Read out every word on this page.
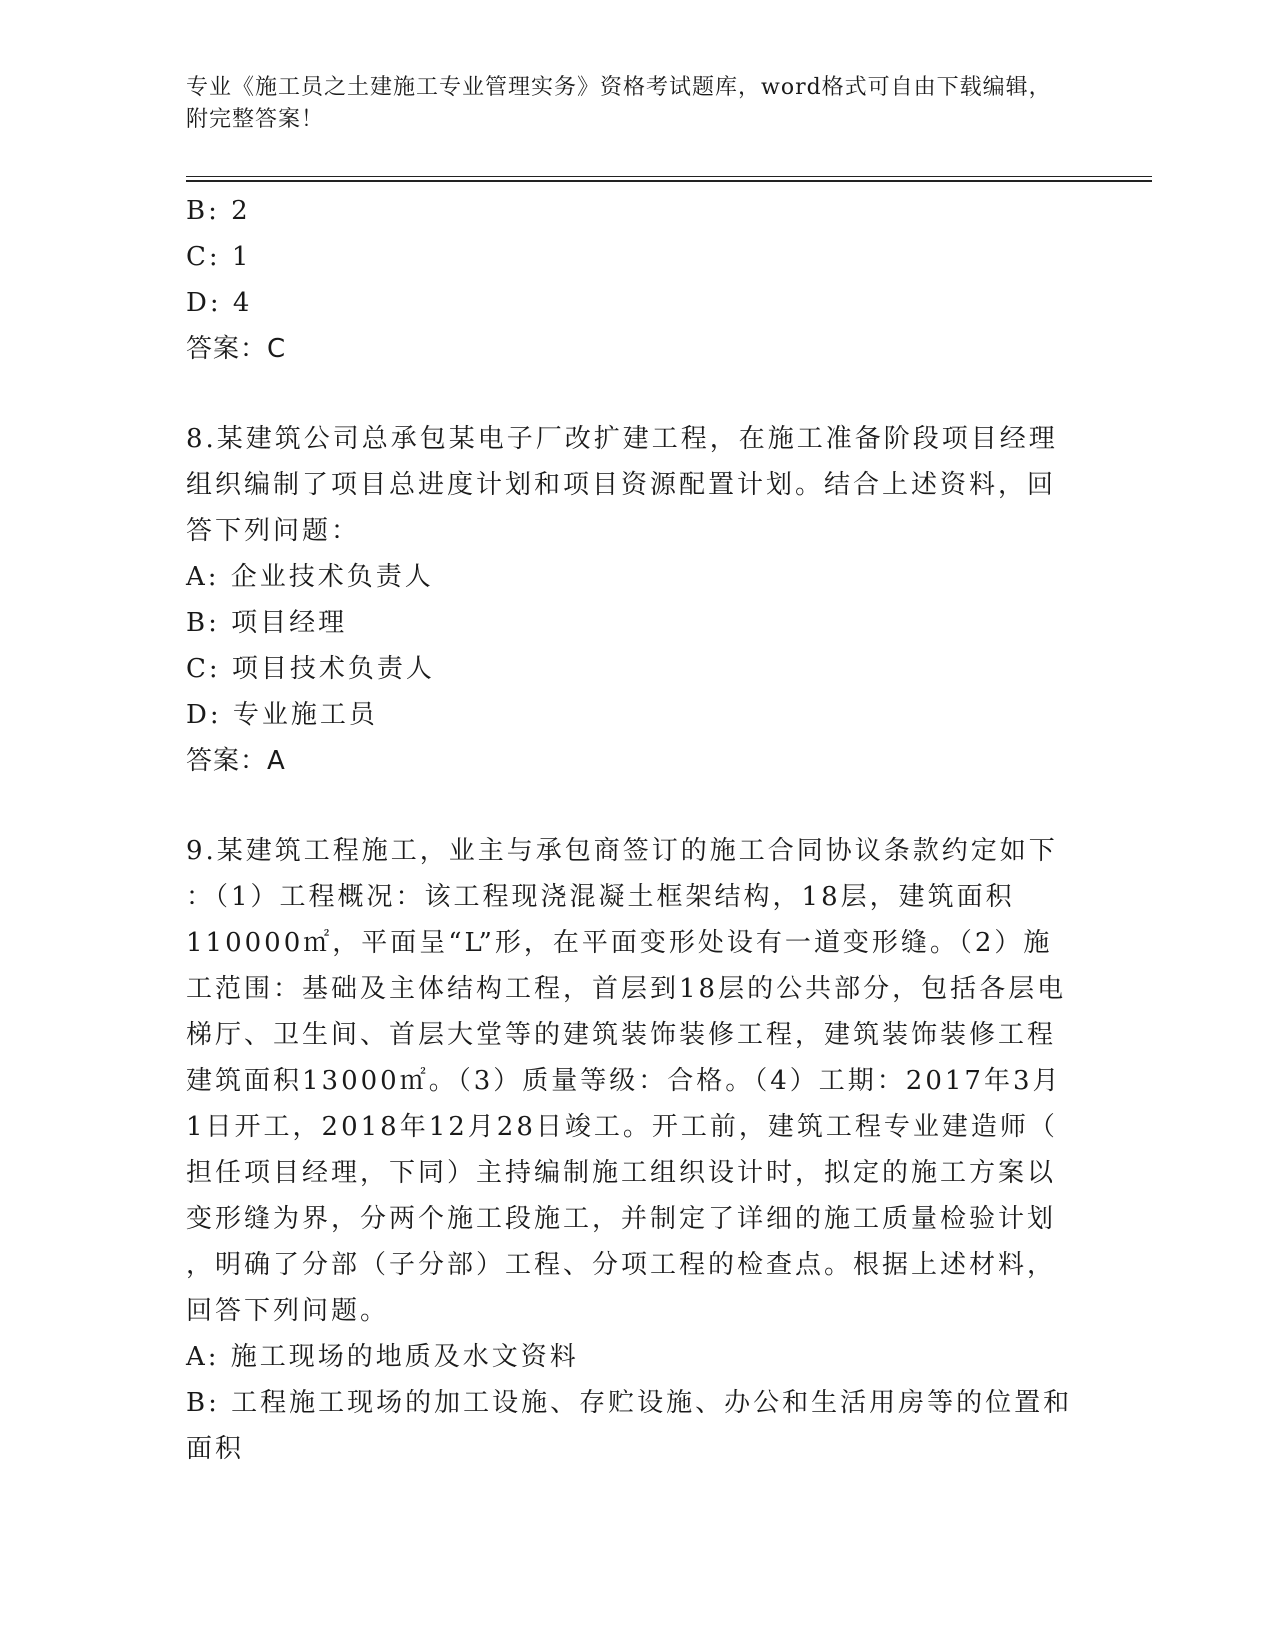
专业《施工员之土建施工专业管理实务》资格考试题库，word格式可自由下载编辑，附完整答案！
B: 2
C: 1
D: 4
答案：C
8.某建筑公司总承包某电子厂改扩建工程，在施工准备阶段项目经理
组织编制了项目总进度计划和项目资源配置计划。结合上述资料，回
答下列问题：
A: 企业技术负责人
B: 项目经理
C: 项目技术负责人
D: 专业施工员
答案：A
9.某建筑工程施工，业主与承包商签订的施工合同协议条款约定如下
：（1）工程概况：该工程现浇混凝土框架结构，18层，建筑面积
110000㎡，平面呈“L”形，在平面变形处设有一道变形缝。（2）施
工范围：基础及主体结构工程，首层到18层的公共部分，包括各层电
梯厅、卫生间、首层大堂等的建筑装饰装修工程，建筑装饰装修工程
建筑面积13000㎡。（3）质量等级：合格。（4）工期：2017年3月
1日开工，2018年12月28日竣工。开工前，建筑工程专业建造师（
担任项目经理，下同）主持编制施工组织设计时，拟定的施工方案以
变形缝为界，分两个施工段施工，并制定了详细的施工质量检验计划
，明确了分部（子分部）工程、分项工程的检查点。根据上述材料，
回答下列问题。
A: 施工现场的地质及水文资料
B: 工程施工现场的加工设施、存贮设施、办公和生活用房等的位置和
面积
